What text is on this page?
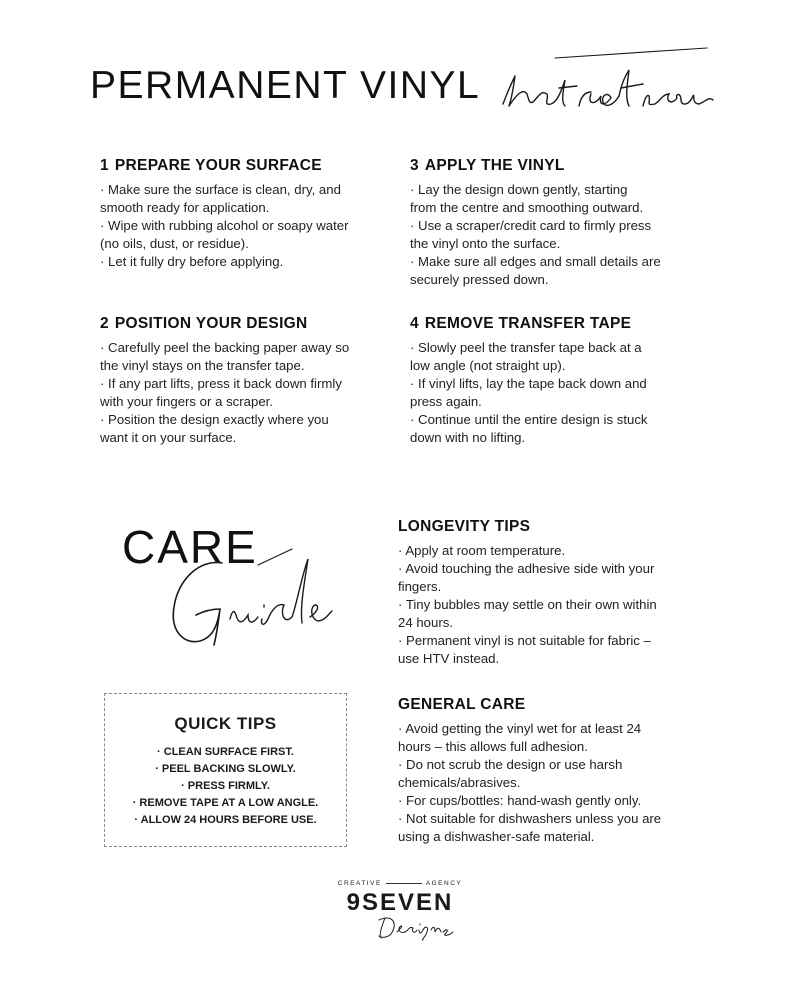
PERMANENT VINYL
1 PREPARE YOUR SURFACE
· Make sure the surface is clean, dry, and
smooth ready for application.
· Wipe with rubbing alcohol or soapy water
(no oils, dust, or residue).
· Let it fully dry before applying.
3 APPLY THE VINYL
· Lay the design down gently, starting
from the centre and smoothing outward.
· Use a scraper/credit card to firmly press
the vinyl onto the surface.
· Make sure all edges and small details are
securely pressed down.
2 POSITION YOUR DESIGN
· Carefully peel the backing paper away so
the vinyl stays on the transfer tape.
· If any part lifts, press it back down firmly
with your fingers or a scraper.
· Position the design exactly where you
want it on your surface.
4 REMOVE TRANSFER TAPE
· Slowly peel the transfer tape back at a
low angle (not straight up).
· If vinyl lifts, lay the tape back down and
press again.
· Continue until the entire design is stuck
down with no lifting.
CARE	LONGEVITY TIPS
· Apply at room temperature.
· Avoid touching the adhesive side with your
fingers.
· Tiny bubbles may settle on their own within
24 hours.
· Permanent vinyl is not suitable for fabric –
use HTV instead.
GENERAL CARE
· Avoid getting the vinyl wet for at least 24
hours – this allows full adhesion.
· Do not scrub the design or use harsh
chemicals/abrasives.
· For cups/bottles: hand-wash gently only.
· Not suitable for dishwashers unless you are
using a dishwasher-safe material.
QUICK TIPS
· CLEAN SURFACE FIRST.
· PEEL BACKING SLOWLY.
· PRESS FIRMLY.
· REMOVE TAPE AT A LOW ANGLE.
· ALLOW 24 HOURS BEFORE USE.
CREATIVE	AGENCY
9SEVEN
